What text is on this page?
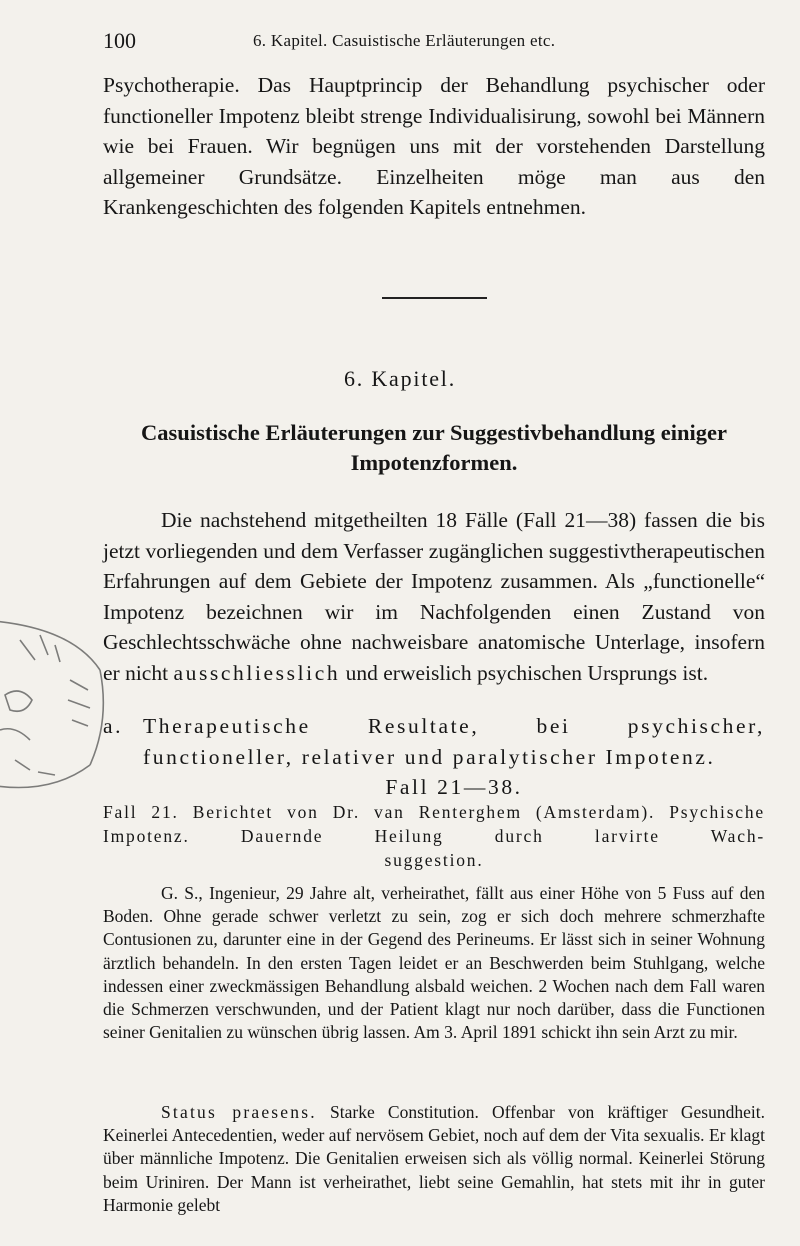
100	6. Kapitel. Casuistische Erläuterungen etc.

Psychotherapie. Das Hauptprincip der Behandlung psychischer oder functioneller Impotenz bleibt strenge Individualisirung, sowohl bei Männern wie bei Frauen. Wir begnügen uns mit der vorstehenden Darstellung allgemeiner Grundsätze. Einzelheiten möge man aus den Krankengeschichten des folgenden Kapitels entnehmen.

6. Kapitel.
Casuistische Erläuterungen zur Suggestivbehandlung einiger
Impotenzformen.

Die nachstehend mitgetheilten 18 Fälle (Fall 21—38) fassen die bis jetzt vorliegenden und dem Verfasser zugänglichen suggestivtherapeutischen Erfahrungen auf dem Gebiete der Impotenz zusammen. Als „functionelle“ Impotenz bezeichnen wir im Nachfolgenden einen Zustand von Geschlechtsschwäche ohne nachweisbare anatomische Unterlage, insofern er nicht ausschliesslich und erweislich psychischen Ursprungs ist.

a. Therapeutische Resultate, bei psychischer, functioneller, relativer und paralytischer Impotenz.
Fall 21—38.
Fall 21. Berichtet von Dr. van Renterghem (Amsterdam). Psychische Impotenz. Dauernde Heilung durch larvirte Wach-
suggestion.

G. S., Ingenieur, 29 Jahre alt, verheirathet, fällt aus einer Höhe von 5 Fuss auf den Boden. Ohne gerade schwer verletzt zu sein, zog er sich doch mehrere schmerzhafte Contusionen zu, darunter eine in der Gegend des Perineums. Er lässt sich in seiner Wohnung ärztlich behandeln. In den ersten Tagen leidet er an Beschwerden beim Stuhlgang, welche indessen einer zweckmässigen Behandlung alsbald weichen. 2 Wochen nach dem Fall waren die Schmerzen verschwunden, und der Patient klagt nur noch darüber, dass die Functionen seiner Genitalien zu wünschen übrig lassen. Am 3. April 1891 schickt ihn sein Arzt zu mir.

Status praesens. Starke Constitution. Offenbar von kräftiger Gesundheit. Keinerlei Antecedentien, weder auf nervösem Gebiet, noch auf dem der Vita sexualis. Er klagt über männliche Impotenz. Die Genitalien erweisen sich als völlig normal. Keinerlei Störung beim Uriniren. Der Mann ist verheirathet, liebt seine Gemahlin, hat stets mit ihr in guter Harmonie gelebt
